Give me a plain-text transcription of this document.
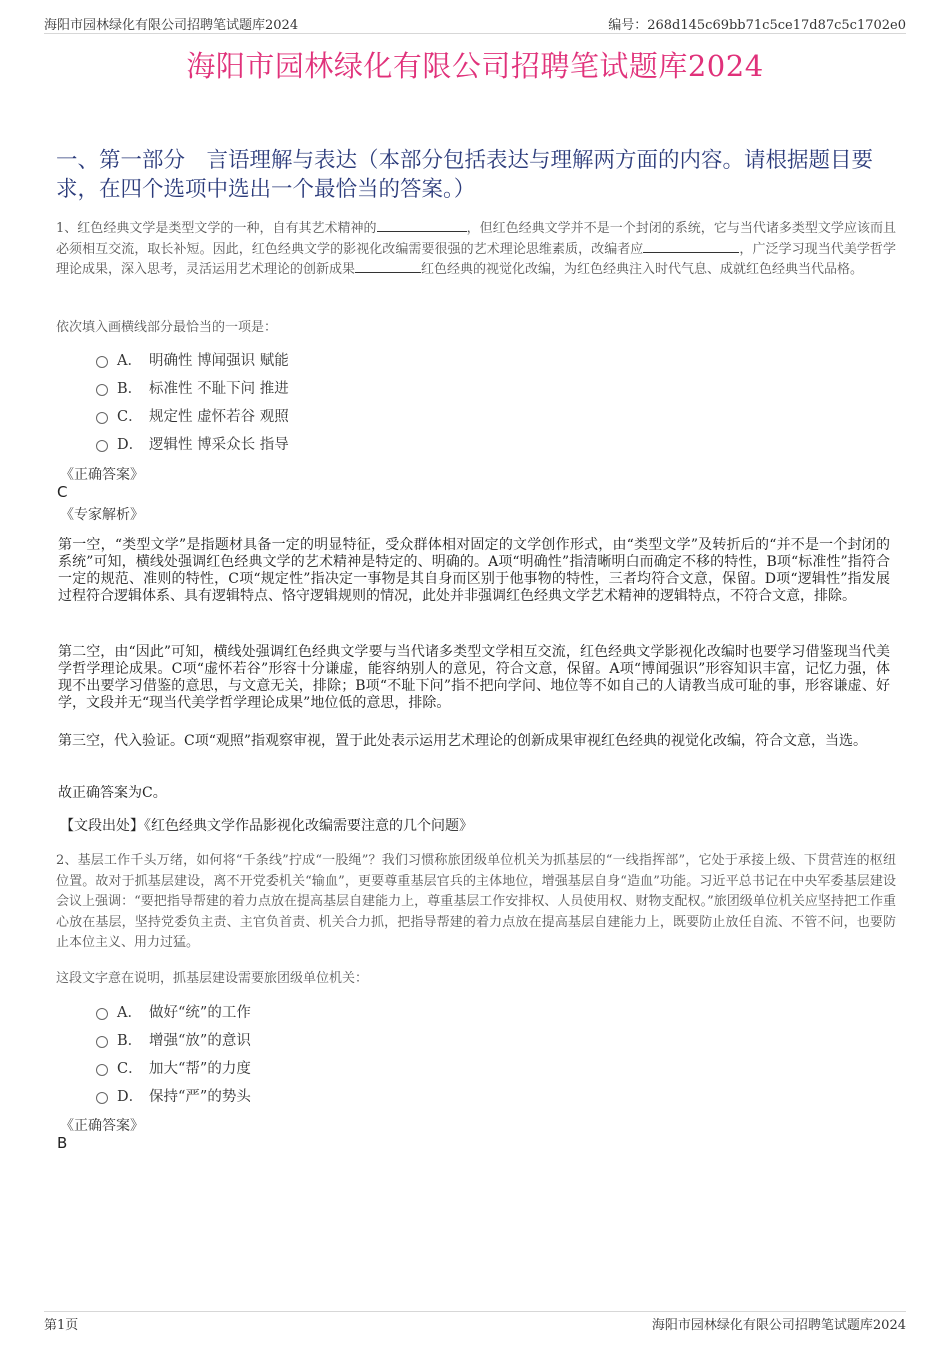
海阳市园林绿化有限公司招聘笔试题库2024	编号：268d145c69bb71c5ce17d87c5c1702e0
海阳市园林绿化有限公司招聘笔试题库2024
一、第一部分　言语理解与表达（本部分包括表达与理解两方面的内容。请根据题目要求，在四个选项中选出一个最恰当的答案。）
1、红色经典文学是类型文学的一种，自有其艺术精神的	，但红色经典文学并不是一个封闭的系统，它与当代诸多类型文学应该而且必须相互交流，取长补短。因此，红色经典文学的影视化改编需要很强的艺术理论思维素质，改编者应	，广泛学习现当代美学哲学理论成果，深入思考，灵活运用艺术理论的创新成果	红色经典的视觉化改编，为红色经典注入时代气息、成就红色经典当代品格。
依次填入画横线部分最恰当的一项是：
A． 明确性 博闻强识 赋能
B． 标准性 不耻下问 推进
C． 规定性 虚怀若谷 观照
D． 逻辑性 博采众长 指导
《正确答案》
C
《专家解析》
第一空，“类型文学”是指题材具备一定的明显特征，受众群体相对固定的文学创作形式，由“类型文学”及转折后的“并不是一个封闭的系统”可知，横线处强调红色经典文学的艺术精神是特定的、明确的。A项“明确性”指清晰明白而确定不移的特性，B项“标准性”指符合一定的规范、准则的特性，C项“规定性”指决定一事物是其自身而区别于他事物的特性，三者均符合文意，保留。D项“逻辑性”指发展过程符合逻辑体系、具有逻辑特点、恪守逻辑规则的情况，此处并非强调红色经典文学艺术精神的逻辑特点，不符合文意，排除。
第二空，由“因此”可知，横线处强调红色经典文学要与当代诸多类型文学相互交流，红色经典文学影视化改编时也要学习借鉴现当代美学哲学理论成果。C项“虚怀若谷”形容十分谦虚，能容纳别人的意见，符合文意，保留。A项“博闻强识”形容知识丰富，记忆力强，体现不出要学习借鉴的意思，与文意无关，排除；B项“不耻下问”指不把向学问、地位等不如自己的人请教当成可耻的事，形容谦虚、好学，文段并无“现当代美学哲学理论成果”地位低的意思，排除。
第三空，代入验证。C项“观照”指观察审视，置于此处表示运用艺术理论的创新成果审视红色经典的视觉化改编，符合文意，当选。
故正确答案为C。
【文段出处】《红色经典文学作品影视化改编需要注意的几个问题》
2、基层工作千头万绪，如何将“千条线”拧成“一股绳”？我们习惯称旅团级单位机关为抓基层的“一线指挥部”，它处于承接上级、下贯营连的枢纽位置。故对于抓基层建设，离不开党委机关“输血”，更要尊重基层官兵的主体地位，增强基层自身“造血”功能。习近平总书记在中央军委基层建设会议上强调：“要把指导帮建的着力点放在提高基层自建能力上，尊重基层工作安排权、人员使用权、财物支配权。”旅团级单位机关应坚持把工作重心放在基层，坚持党委负主责、主官负首责、机关合力抓，把指导帮建的着力点放在提高基层自建能力上，既要防止放任自流、不管不问，也要防止本位主义、用力过猛。
这段文字意在说明，抓基层建设需要旅团级单位机关：
A． 做好“统”的工作
B． 增强“放”的意识
C． 加大“帮”的力度
D． 保持“严”的势头
《正确答案》
B
第1页	海阳市园林绿化有限公司招聘笔试题库2024
